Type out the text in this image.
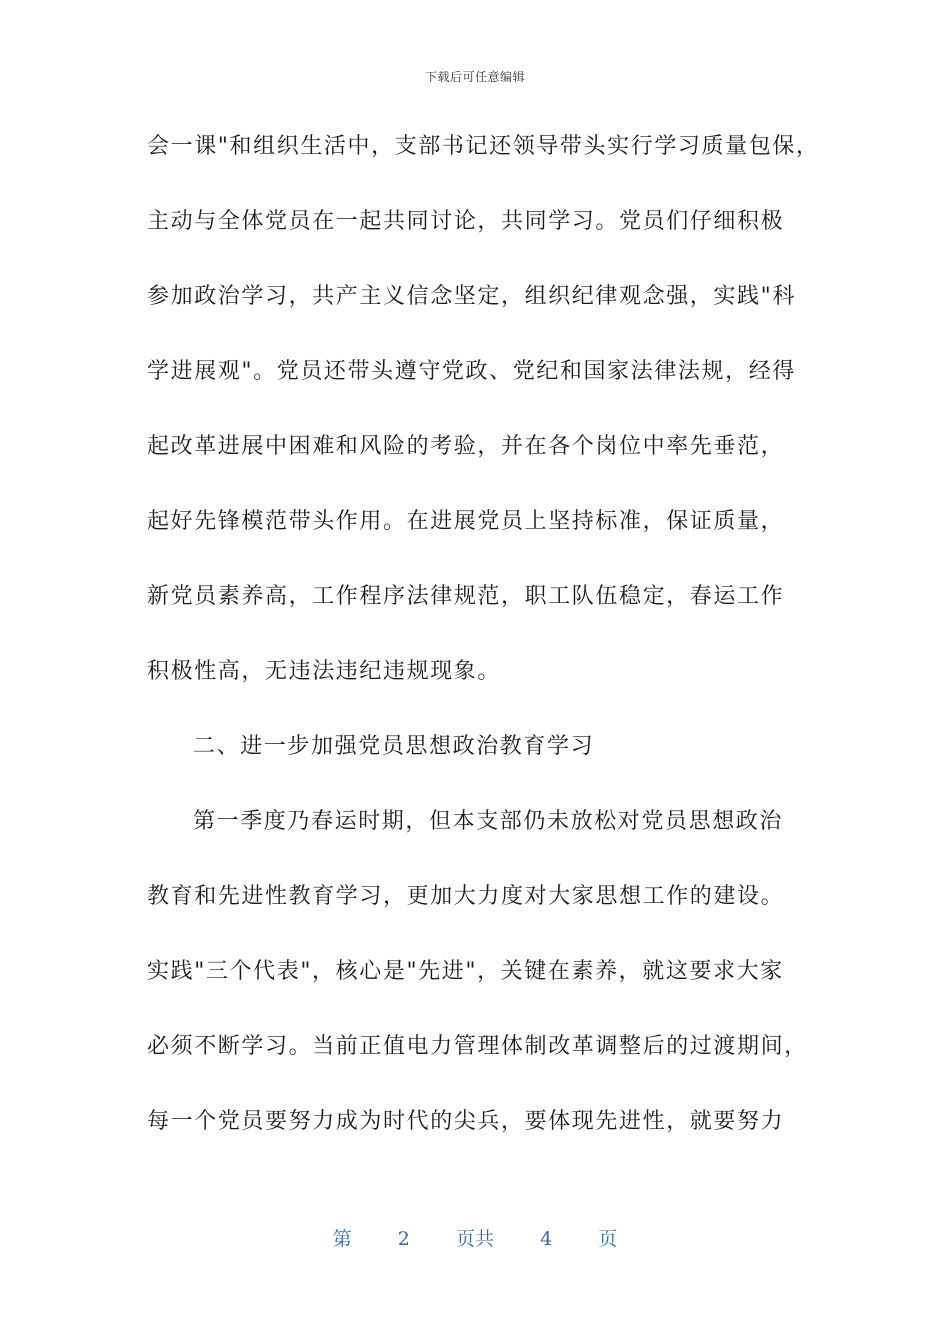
下载后可任意编辑
会一课"和组织生活中，支部书记还领导带头实行学习质量包保，
主动与全体党员在一起共同讨论，共同学习。党员们仔细积极
参加政治学习，共产主义信念坚定，组织纪律观念强，实践"科
学进展观"。党员还带头遵守党政、党纪和国家法律法规，经得
起改革进展中困难和风险的考验，并在各个岗位中率先垂范，
起好先锋模范带头作用。在进展党员上坚持标准，保证质量，
新党员素养高，工作程序法律规范，职工队伍稳定，春运工作
积极性高，无违法违纪违规现象。
二、进一步加强党员思想政治教育学习
第一季度乃春运时期，但本支部仍未放松对党员思想政治
教育和先进性教育学习，更加大力度对大家思想工作的建设。
实践"三个代表"，核心是"先进"，关键在素养，就这要求大家
必须不断学习。当前正值电力管理体制改革调整后的过渡期间，
每一个党员要努力成为时代的尖兵，要体现先进性，就要努力
第 2 页共 4 页
